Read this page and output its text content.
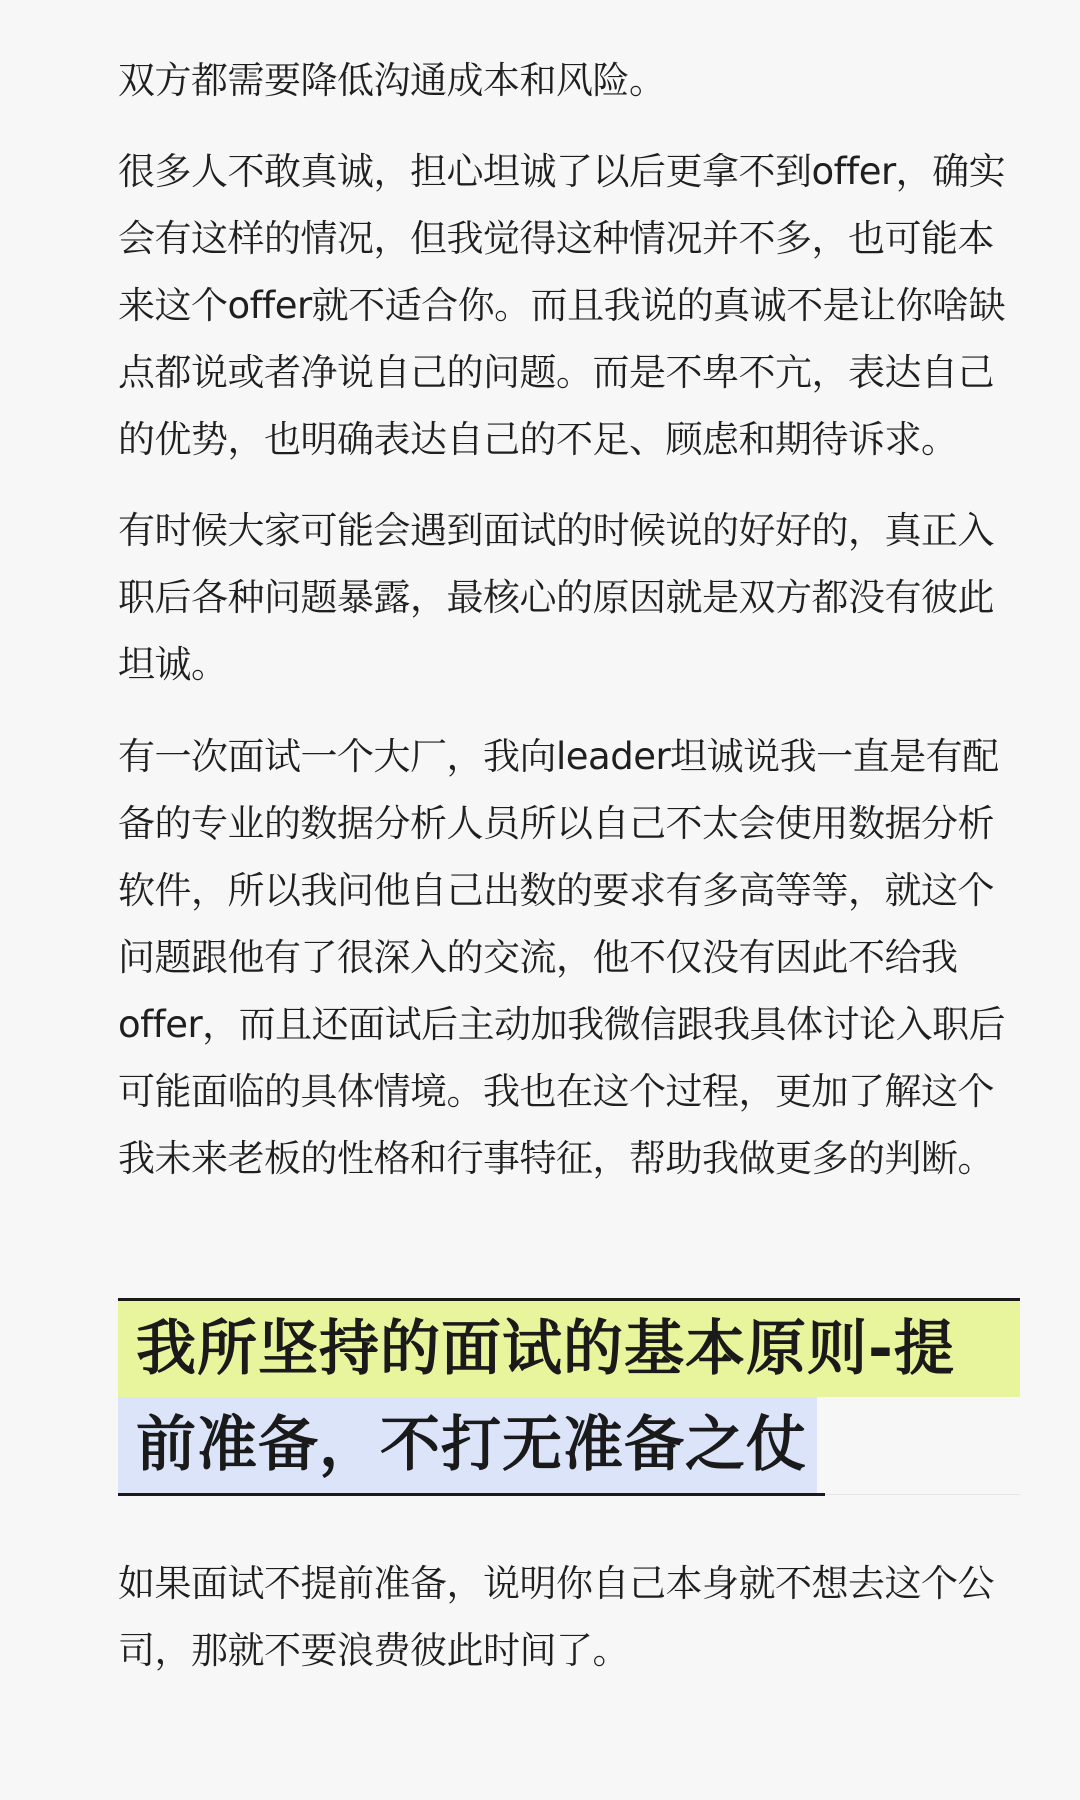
双方都需要降低沟通成本和风险。

很多人不敢真诚，担心坦诚了以后更拿不到offer，确实
会有这样的情况，但我觉得这种情况并不多，也可能本
来这个offer就不适合你。而且我说的真诚不是让你啥缺
点都说或者净说自己的问题。而是不卑不亢，表达自己
的优势，也明确表达自己的不足、顾虑和期待诉求。

有时候大家可能会遇到面试的时候说的好好的，真正入
职后各种问题暴露，最核心的原因就是双方都没有彼此
坦诚。

有一次面试一个大厂，我向leader坦诚说我一直是有配
备的专业的数据分析人员所以自己不太会使用数据分析
软件，所以我问他自己出数的要求有多高等等，就这个
问题跟他有了很深入的交流，他不仅没有因此不给我
offer，而且还面试后主动加我微信跟我具体讨论入职后
可能面临的具体情境。我也在这个过程，更加了解这个
我未来老板的性格和行事特征，帮助我做更多的判断。

我所坚持的面试的基本原则-提
前准备，不打无准备之仗

如果面试不提前准备，说明你自己本身就不想去这个公
司，那就不要浪费彼此时间了。
